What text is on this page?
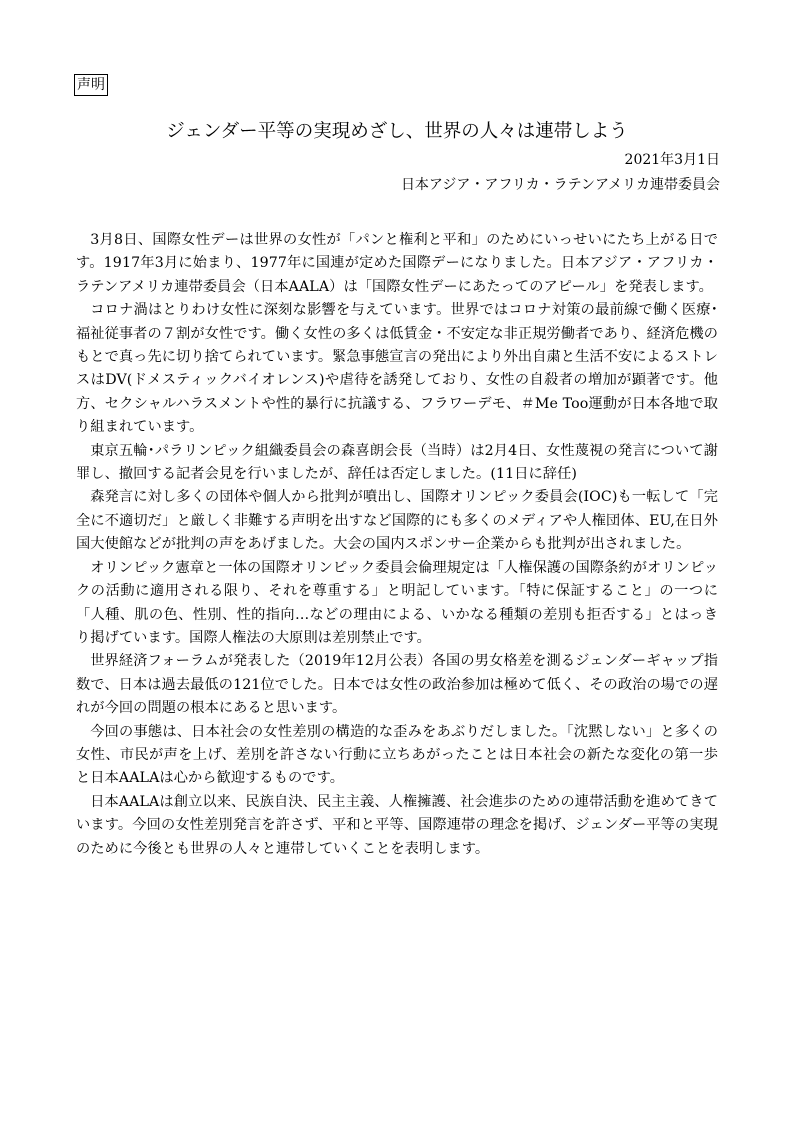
声明
ジェンダー平等の実現めざし、世界の人々は連帯しよう
2021年3月1日
日本アジア・アフリカ・ラテンアメリカ連帯委員会

3月8日、国際女性デーは世界の女性が「パンと権利と平和」のためにいっせいにたち上がる日です。1917年3月に始まり、1977年に国連が定めた国際デーになりました。日本アジア・アフリカ・ラテンアメリカ連帯委員会（日本AALA）は「国際女性デーにあたってのアピール」を発表します。

コロナ渦はとりわけ女性に深刻な影響を与えています。世界ではコロナ対策の最前線で働く医療･福祉従事者の７割が女性です。働く女性の多くは低賃金・不安定な非正規労働者であり、経済危機のもとで真っ先に切り捨てられています。緊急事態宣言の発出により外出自粛と生活不安によるストレスはDV(ドメスティックバイオレンス)や虐待を誘発しており、女性の自殺者の増加が顕著です。他方、セクシャルハラスメントや性的暴行に抗議する、フラワーデモ、＃Me Too運動が日本各地で取り組まれています。

東京五輪･パラリンピック組織委員会の森喜朗会長（当時）は2月4日、女性蔑視の発言について謝罪し、撤回する記者会見を行いましたが、辞任は否定しました。(11日に辞任)

森発言に対し多くの団体や個人から批判が噴出し、国際オリンピック委員会(IOC)も一転して「完全に不適切だ」と厳しく非難する声明を出すなど国際的にも多くのメディアや人権団体、EU,在日外国大使館などが批判の声をあげました。大会の国内スポンサー企業からも批判が出されました。

オリンピック憲章と一体の国際オリンピック委員会倫理規定は「人権保護の国際条約がオリンピックの活動に適用される限り、それを尊重する」と明記しています。「特に保証すること」の一つに「人種、肌の色、性別、性的指向…などの理由による、いかなる種類の差別も拒否する」とはっきり掲げています。国際人権法の大原則は差別禁止です。

世界経済フォーラムが発表した（2019年12月公表）各国の男女格差を測るジェンダーギャップ指数で、日本は過去最低の121位でした。日本では女性の政治参加は極めて低く、その政治の場での遅れが今回の問題の根本にあると思います。

今回の事態は、日本社会の女性差別の構造的な歪みをあぶりだしました。「沈黙しない」と多くの女性、市民が声を上げ、差別を許さない行動に立ちあがったことは日本社会の新たな変化の第一歩と日本AALAは心から歓迎するものです。

日本AALAは創立以来、民族自決、民主主義、人権擁護、社会進歩のための連帯活動を進めてきています。今回の女性差別発言を許さず、平和と平等、国際連帯の理念を掲げ、ジェンダー平等の実現のために今後とも世界の人々と連帯していくことを表明します。
